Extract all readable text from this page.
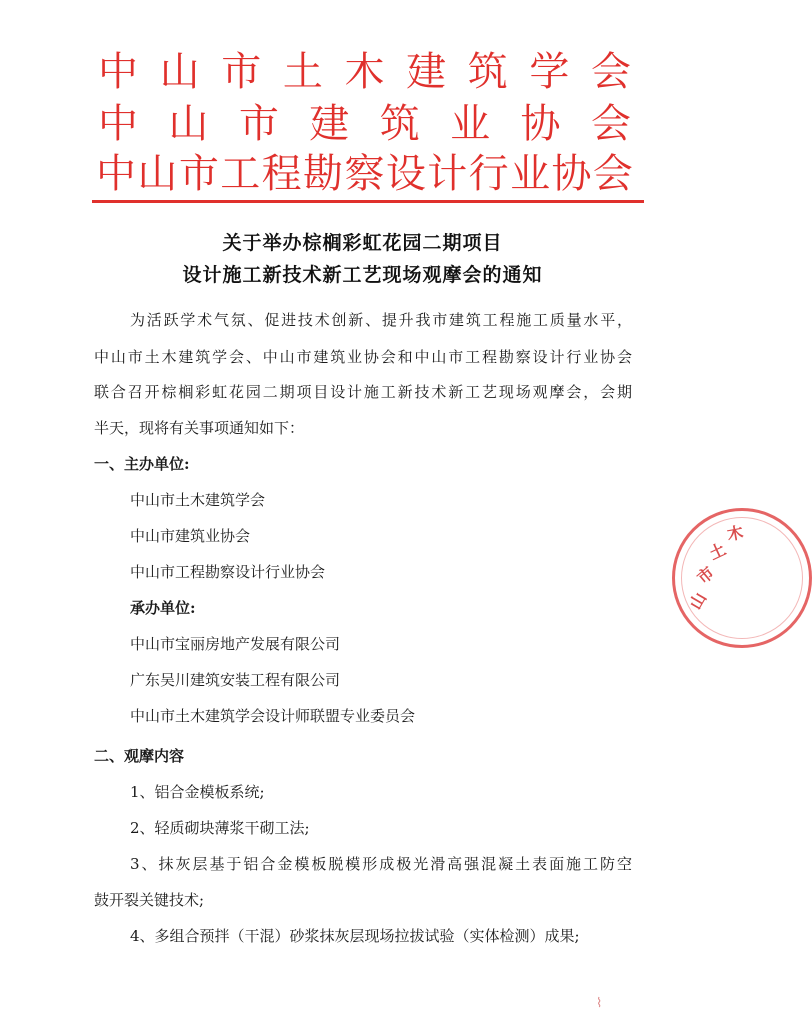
中 山 市 土 木 建 筑 学 会
中 山 市 建 筑 业 协 会
中 山 市 工 程 勘 察 设 计 行 业 协 会
关于举办棕榈彩虹花园二期项目
设计施工新技术新工艺现场观摩会的通知
为活跃学术气氛、促进技术创新、提升我市建筑工程施工质量水平，
中山市土木建筑学会、中山市建筑业协会和中山市工程勘察设计行业协会
联合召开棕榈彩虹花园二期项目设计施工新技术新工艺现场观摩会，会期
半天，现将有关事项通知如下：
一、主办单位:
中山市土木建筑学会
中山市建筑业协会
中山市工程勘察设计行业协会
承办单位:
中山市宝丽房地产发展有限公司
广东吴川建筑安装工程有限公司
中山市土木建筑学会设计师联盟专业委员会
二、观摩内容
1、铝合金模板系统;
2、轻质砌块薄浆干砌工法;
3、抹灰层基于铝合金模板脱模形成极光滑高强混凝土表面施工防空
鼓开裂关键技术;
4、多组合预拌（干混）砂浆抹灰层现场拉拔试验（实体检测）成果;
山
市
土
木
⌇
